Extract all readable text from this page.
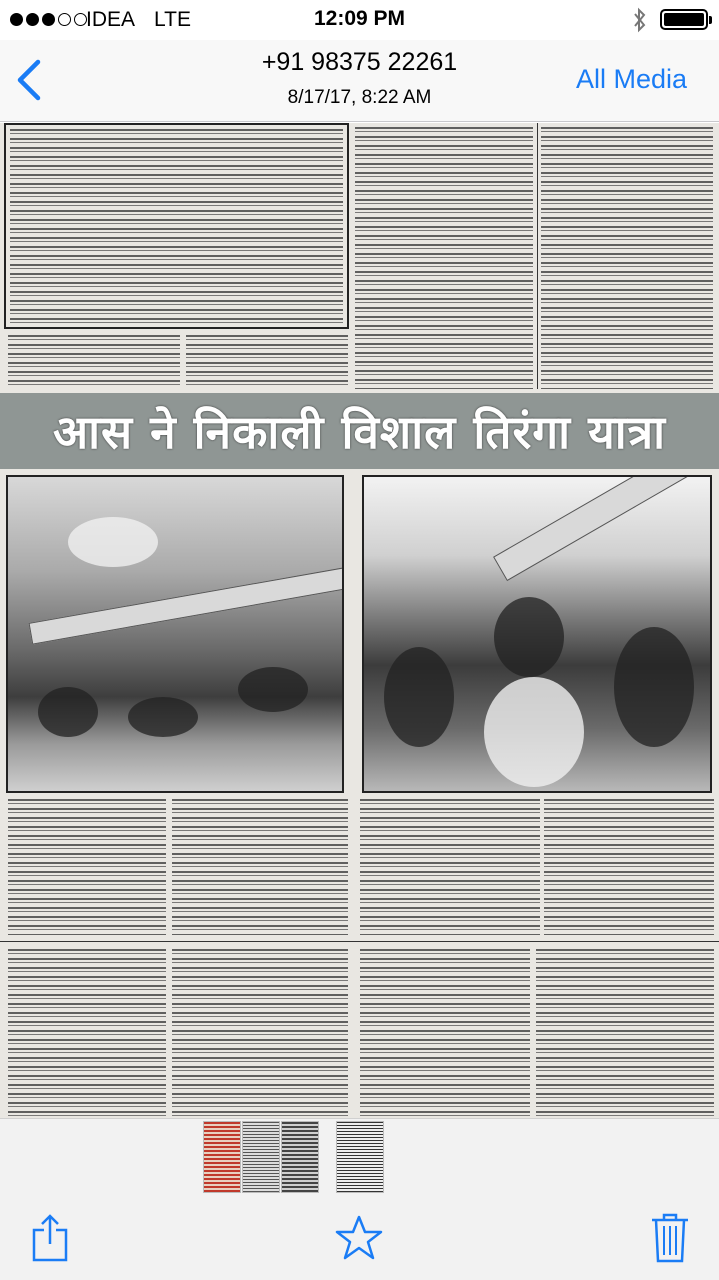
IDEA LTE	12:09 PM
+91 98375 22261
8/17/17, 8:22 AM
All Media
आस ने निकाली विशाल तिरंगा यात्रा
